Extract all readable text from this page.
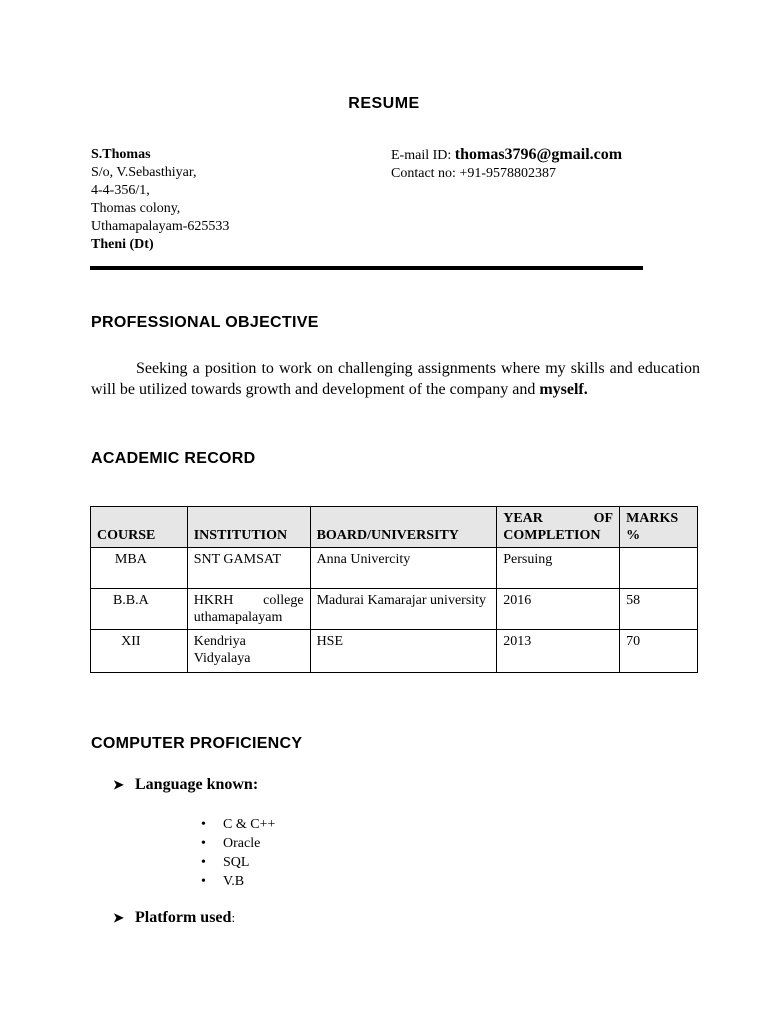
RESUME
S.Thomas
S/o, V.Sebasthiyar,
4-4-356/1,
Thomas colony,
Uthamapalayam-625533
Theni (Dt)
E-mail ID: thomas3796@gmail.com
Contact no: +91-9578802387
PROFESSIONAL OBJECTIVE

Seeking a position to work on challenging assignments where my skills and education will be utilized towards growth and development of the company and myself.

ACADEMIC RECORD
COURSE	INSTITUTION	BOARD/UNIVERSITY	YEAR OF COMPLETION	MARKS %
MBA	SNT GAMSAT	Anna Univercity	Persuing	
B.B.A	HKRH college uthamapalayam	Madurai Kamarajar university	2016	58
XII	Kendriya Vidyalaya	HSE	2013	70
COMPUTER PROFICIENCY
➤ Language known:
• C & C++
• Oracle
• SQL
• V.B
➤ Platform used:
